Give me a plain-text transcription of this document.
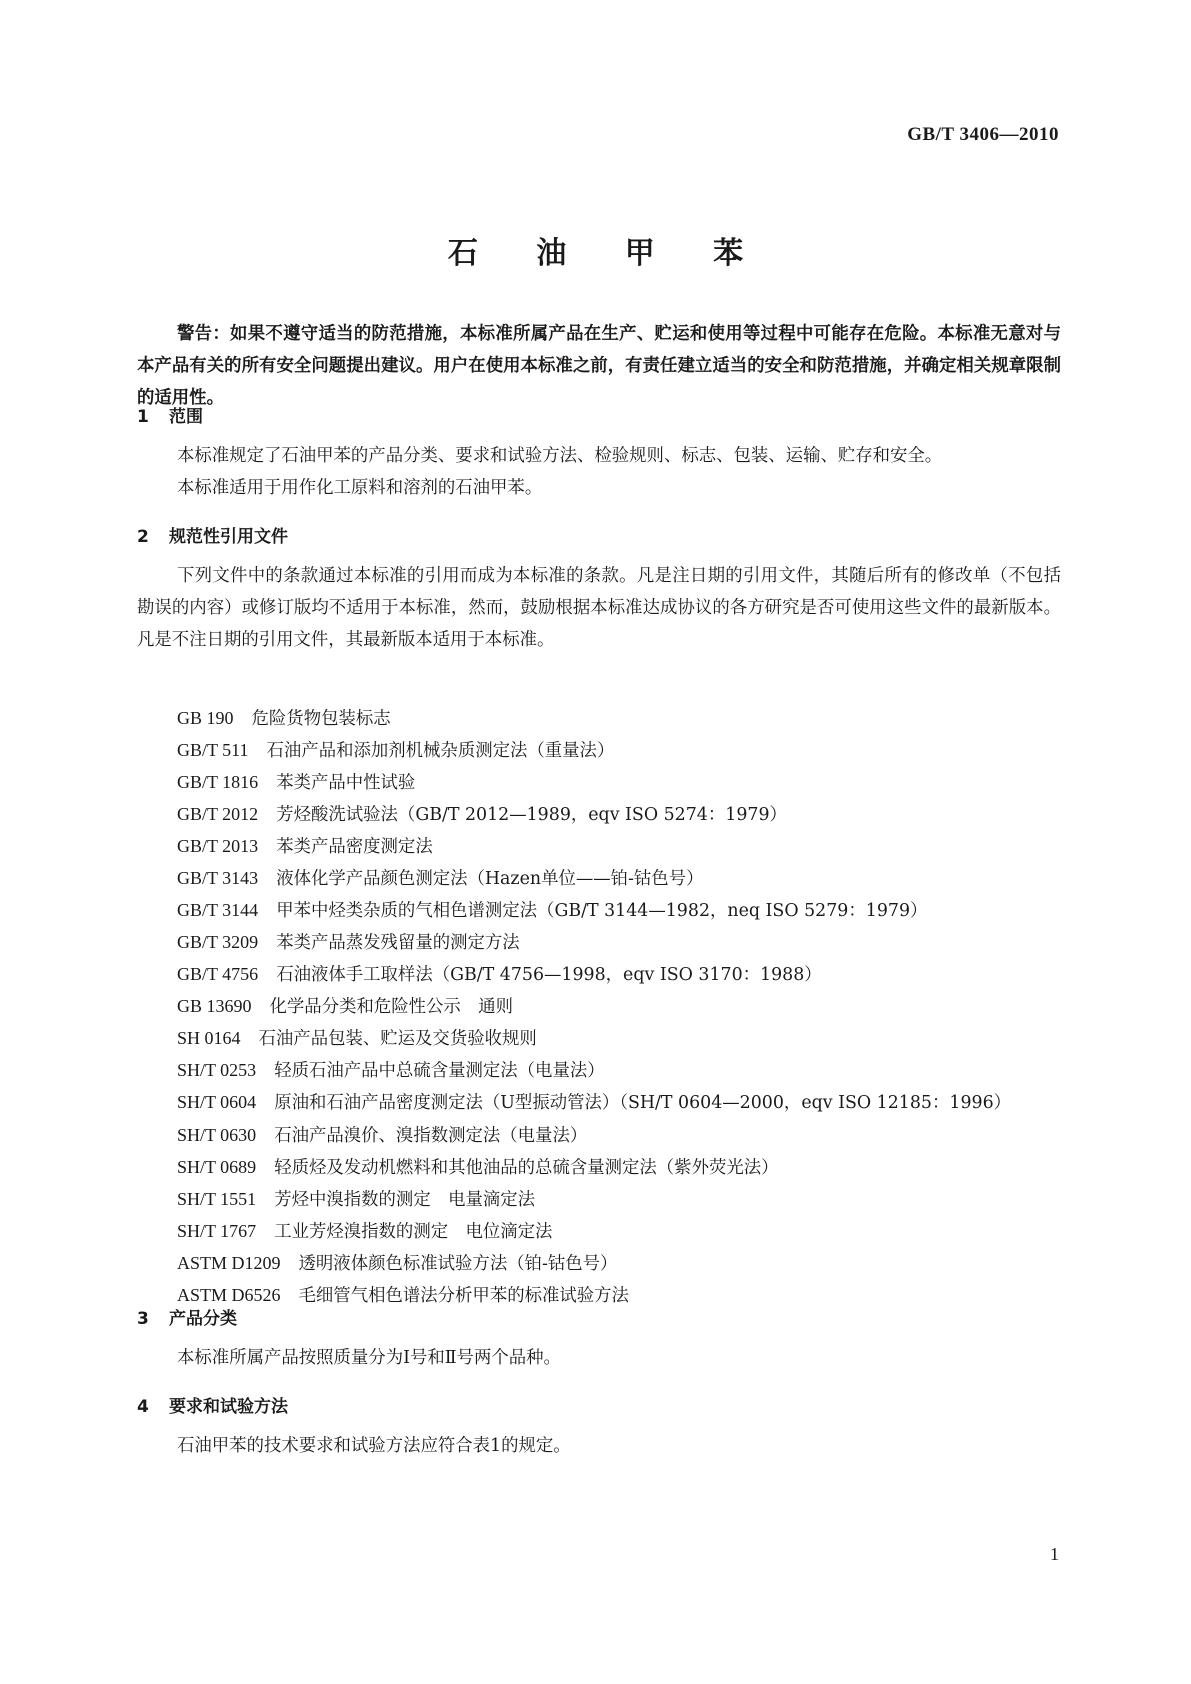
GB/T 3406—2010
石 油 甲 苯
警告：如果不遵守适当的防范措施，本标准所属产品在生产、贮运和使用等过程中可能存在危险。本标准无意对与本产品有关的所有安全问题提出建议。用户在使用本标准之前，有责任建立适当的安全和防范措施，并确定相关规章限制的适用性。
1 范围
本标准规定了石油甲苯的产品分类、要求和试验方法、检验规则、标志、包装、运输、贮存和安全。
本标准适用于用作化工原料和溶剂的石油甲苯。
2 规范性引用文件
下列文件中的条款通过本标准的引用而成为本标准的条款。凡是注日期的引用文件，其随后所有的修改单（不包括勘误的内容）或修订版均不适用于本标准，然而，鼓励根据本标准达成协议的各方研究是否可使用这些文件的最新版本。凡是不注日期的引用文件，其最新版本适用于本标准。
GB 190 危险货物包装标志
GB/T 511 石油产品和添加剂机械杂质测定法（重量法）
GB/T 1816 苯类产品中性试验
GB/T 2012 芳烃酸洗试验法（GB/T 2012—1989，eqv ISO 5274：1979）
GB/T 2013 苯类产品密度测定法
GB/T 3143 液体化学产品颜色测定法（Hazen单位——铂-钴色号）
GB/T 3144 甲苯中烃类杂质的气相色谱测定法（GB/T 3144—1982，neq ISO 5279：1979）
GB/T 3209 苯类产品蒸发残留量的测定方法
GB/T 4756 石油液体手工取样法（GB/T 4756—1998，eqv ISO 3170：1988）
GB 13690 化学品分类和危险性公示　通则
SH 0164 石油产品包装、贮运及交货验收规则
SH/T 0253 轻质石油产品中总硫含量测定法（电量法）
SH/T 0604 原油和石油产品密度测定法（U型振动管法）（SH/T 0604—2000，eqv ISO 12185：1996）
SH/T 0630 石油产品溴价、溴指数测定法（电量法）
SH/T 0689 轻质烃及发动机燃料和其他油品的总硫含量测定法（紫外荧光法）
SH/T 1551 芳烃中溴指数的测定　电量滴定法
SH/T 1767 工业芳烃溴指数的测定　电位滴定法
ASTM D1209 透明液体颜色标准试验方法（铂-钴色号）
ASTM D6526 毛细管气相色谱法分析甲苯的标准试验方法
3 产品分类
本标准所属产品按照质量分为Ⅰ号和Ⅱ号两个品种。
4 要求和试验方法
石油甲苯的技术要求和试验方法应符合表1的规定。
1
